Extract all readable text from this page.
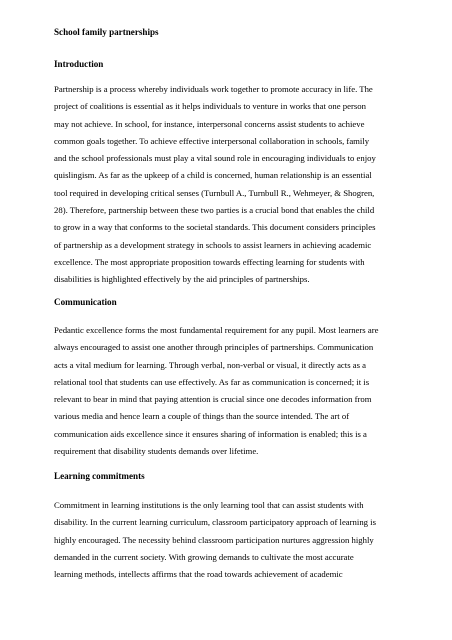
School family partnerships
Introduction
Partnership is a process whereby individuals work together to promote accuracy in life. The
project of coalitions is essential as it helps individuals to venture in works that one person
may not achieve. In school, for instance, interpersonal concerns assist students to achieve
common goals together. To achieve effective interpersonal collaboration in schools, family
and the school professionals must play a vital sound role in encouraging individuals to enjoy
quislingism. As far as the upkeep of a child is concerned, human relationship is an essential
tool required in developing critical senses (Turnbull A., Turnbull R., Wehmeyer, & Shogren,
28). Therefore, partnership between these two parties is a crucial bond that enables the child
to grow in a way that conforms to the societal standards. This document considers principles
of partnership as a development strategy in schools to assist learners in achieving academic
excellence. The most appropriate proposition towards effecting learning for students with
disabilities is highlighted effectively by the aid principles of partnerships.
Communication
Pedantic excellence forms the most fundamental requirement for any pupil. Most learners are
always encouraged to assist one another through principles of partnerships. Communication
acts a vital medium for learning. Through verbal, non-verbal or visual, it directly acts as a
relational tool that students can use effectively. As far as communication is concerned; it is
relevant to bear in mind that paying attention is crucial since one decodes information from
various media and hence learn a couple of things than the source intended. The art of
communication aids excellence since it ensures sharing of information is enabled; this is a
requirement that disability students demands over lifetime.
Learning commitments
Commitment in learning institutions is the only learning tool that can assist students with
disability. In the current learning curriculum, classroom participatory approach of learning is
highly encouraged. The necessity behind classroom participation nurtures aggression highly
demanded in the current society. With growing demands to cultivate the most accurate
learning methods, intellects affirms that the road towards achievement of academic
